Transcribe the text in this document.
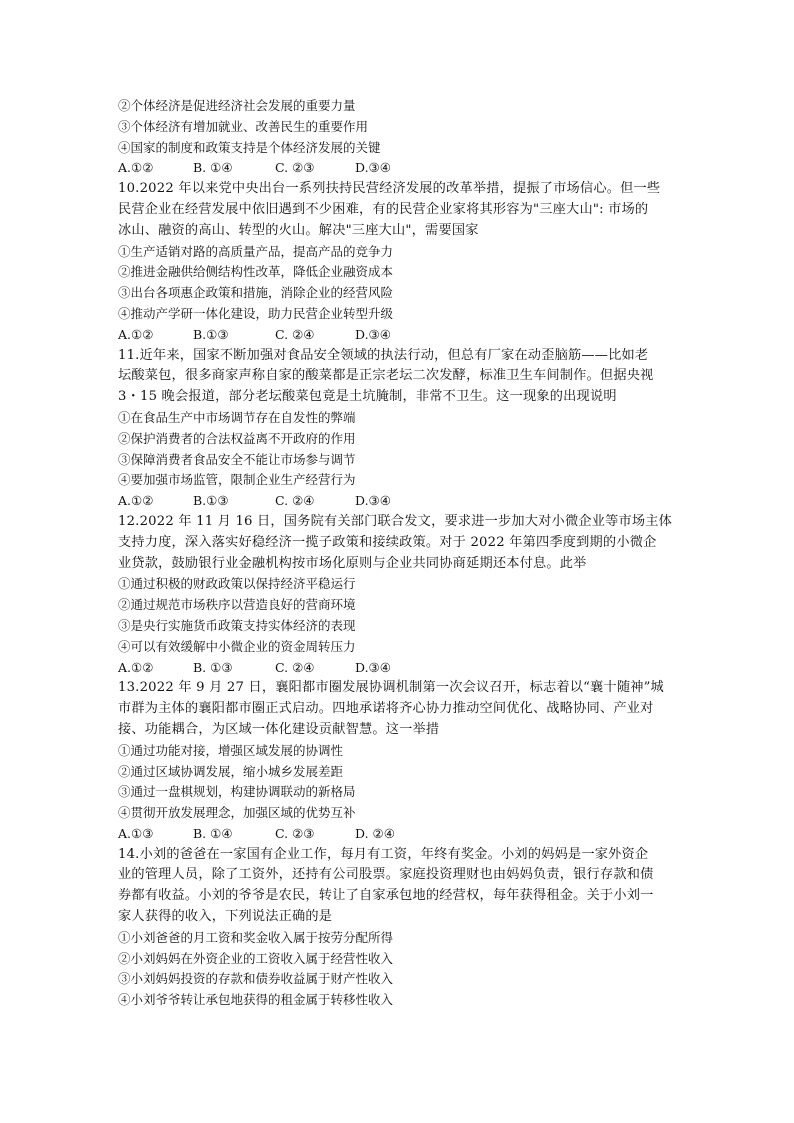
②个体经济是促进经济社会发展的重要力量
③个体经济有增加就业、改善民生的重要作用
④国家的制度和政策支持是个体经济发展的关键
A.①②	B. ①④	C. ②③	D.③④
10.2022 年以来党中央出台一系列扶持民营经济发展的改革举措，提振了市场信心。但一些
民营企业在经营发展中依旧遇到不少困难，有的民营企业家将其形容为"三座大山": 市场的
冰山、融资的高山、转型的火山。解决"三座大山"，需要国家
①生产适销对路的高质量产品，提高产品的竞争力
②推进金融供给侧结构性改革，降低企业融资成本
③出台各项惠企政策和措施，消除企业的经营风险
④推动产学研一体化建设，助力民营企业转型升级
A.①②	B.①③	C. ②④	D.③④
11.近年来，国家不断加强对食品安全领域的执法行动，但总有厂家在动歪脑筋——比如老
坛酸菜包，很多商家声称自家的酸菜都是正宗老坛二次发酵，标准卫生车间制作。但据央视
3・15 晚会报道，部分老坛酸菜包竟是土坑腌制，非常不卫生。这一现象的出现说明
①在食品生产中市场调节存在自发性的弊端
②保护消费者的合法权益离不开政府的作用
③保障消费者食品安全不能让市场参与调节
④要加强市场监管，限制企业生产经营行为
A.①②	B.①③	C. ②④	D.③④
12.2022 年 11 月 16 日，国务院有关部门联合发文，要求进一步加大对小微企业等市场主体
支持力度，深入落实好稳经济一揽子政策和接续政策。对于 2022 年第四季度到期的小微企
业贷款，鼓励银行业金融机构按市场化原则与企业共同协商延期还本付息。此举
①通过积极的财政政策以保持经济平稳运行
②通过规范市场秩序以营造良好的营商环境
③是央行实施货币政策支持实体经济的表现
④可以有效缓解中小微企业的资金周转压力
A.①②	B. ①③	C. ②④	D.③④
13.2022 年 9 月 27 日，襄阳都市圈发展协调机制第一次会议召开，标志着以“襄十随神”城
市群为主体的襄阳都市圈正式启动。四地承诺将齐心协力推动空间优化、战略协同、产业对
接、功能耦合，为区域一体化建设贡献智慧。这一举措
①通过功能对接，增强区域发展的协调性
②通过区域协调发展，缩小城乡发展差距
③通过一盘棋规划，构建协调联动的新格局
④贯彻开放发展理念，加强区域的优势互补
A.①③	B. ①④	C. ②③	D. ②④
14.小刘的爸爸在一家国有企业工作，每月有工资，年终有奖金。小刘的妈妈是一家外资企
业的管理人员，除了工资外，还持有公司股票。家庭投资理财也由妈妈负责，银行存款和债
券都有收益。小刘的爷爷是农民，转让了自家承包地的经营权，每年获得租金。关于小刘一
家人获得的收入，下列说法正确的是
①小刘爸爸的月工资和奖金收入属于按劳分配所得
②小刘妈妈在外资企业的工资收入属于经营性收入
③小刘妈妈投资的存款和债券收益属于财产性收入
④小刘爷爷转让承包地获得的租金属于转移性收入
